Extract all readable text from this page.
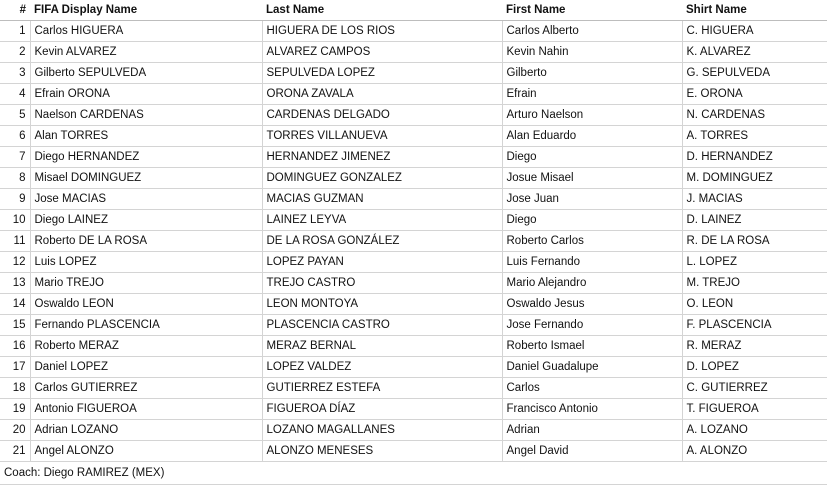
#	FIFA Display Name	Last Name	First Name	Shirt Name
1	Carlos HIGUERA	HIGUERA DE LOS RIOS	Carlos Alberto	C. HIGUERA
2	Kevin ALVAREZ	ALVAREZ CAMPOS	Kevin Nahin	K. ALVAREZ
3	Gilberto SEPULVEDA	SEPULVEDA LOPEZ	Gilberto	G. SEPULVEDA
4	Efrain ORONA	ORONA ZAVALA	Efrain	E. ORONA
5	Naelson CARDENAS	CARDENAS DELGADO	Arturo Naelson	N. CARDENAS
6	Alan TORRES	TORRES VILLANUEVA	Alan Eduardo	A. TORRES
7	Diego HERNANDEZ	HERNANDEZ JIMENEZ	Diego	D. HERNANDEZ
8	Misael DOMINGUEZ	DOMINGUEZ GONZALEZ	Josue Misael	M. DOMINGUEZ
9	Jose MACIAS	MACIAS GUZMAN	Jose Juan	J. MACIAS
10	Diego LAINEZ	LAINEZ LEYVA	Diego	D. LAINEZ
11	Roberto DE LA ROSA	DE LA ROSA GONZÁLEZ	Roberto Carlos	R. DE LA ROSA
12	Luis LOPEZ	LOPEZ PAYAN	Luis Fernando	L. LOPEZ
13	Mario TREJO	TREJO CASTRO	Mario Alejandro	M. TREJO
14	Oswaldo LEON	LEON MONTOYA	Oswaldo Jesus	O. LEON
15	Fernando PLASCENCIA	PLASCENCIA CASTRO	Jose Fernando	F. PLASCENCIA
16	Roberto MERAZ	MERAZ BERNAL	Roberto Ismael	R. MERAZ
17	Daniel LOPEZ	LOPEZ VALDEZ	Daniel Guadalupe	D. LOPEZ
18	Carlos GUTIERREZ	GUTIERREZ ESTEFA	Carlos	C. GUTIERREZ
19	Antonio FIGUEROA	FIGUEROA DÍAZ	Francisco Antonio	T. FIGUEROA
20	Adrian LOZANO	LOZANO MAGALLANES	Adrian	A. LOZANO
21	Angel ALONZO	ALONZO MENESES	Angel David	A. ALONZO
Coach: Diego RAMIREZ (MEX)				
